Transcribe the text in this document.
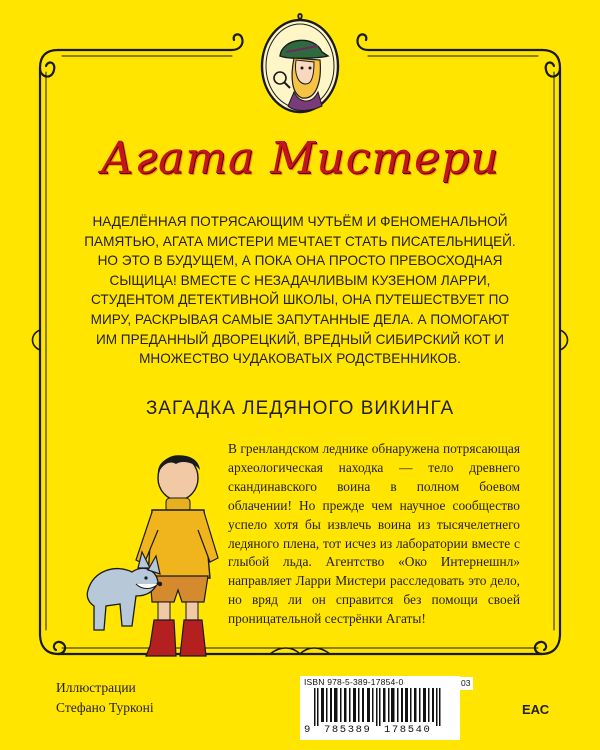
Агата Мистери
НАДЕЛЁННАЯ ПОТРЯСАЮЩИМ ЧУТЬЁМ И ФЕНОМЕНАЛЬНОЙ ПАМЯТЬЮ, АГАТА МИСТЕРИ МЕЧТАЕТ СТАТЬ ПИСАТЕЛЬНИЦЕЙ. НО ЭТО В БУДУЩЕМ, А ПОКА ОНА ПРОСТО ПРЕВОСХОДНАЯ СЫЩИЦА! ВМЕСТЕ С НЕЗАДАЧЛИВЫМ КУЗЕНОМ ЛАРРИ, СТУДЕНТОМ ДЕТЕКТИВНОЙ ШКОЛЫ, ОНА ПУТЕШЕСТВУЕТ ПО МИРУ, РАСКРЫВАЯ САМЫЕ ЗАПУТАННЫЕ ДЕЛА. А ПОМОГАЮТ ИМ ПРЕДАННЫЙ ДВОРЕЦКИЙ, ВРЕДНЫЙ СИБИРСКИЙ КОТ И МНОЖЕСТВО ЧУДАКОВАТЫХ РОДСТВЕННИКОВ.
ЗАГАДКА ЛЕДЯНОГО ВИКИНГА
В гренландском леднике обнаружена потрясающая археологическая находка — тело древнего скандинавского воина в полном боевом облачении! Но прежде чем научное сообщество успело хотя бы извлечь воина из тысячелетнего ледяного плена, тот исчез из лаборатории вместе с глыбой льда. Агентство «Око Интернешнл» направляет Ларри Мистери расследовать это дело, но вряд ли он справится без помощи своей проницательной сестрёнки Агаты!
Иллюстрации
Стефано Турконі
ISBN 978-5-389-17854-0
9 785389 178540
03
ЕАС
